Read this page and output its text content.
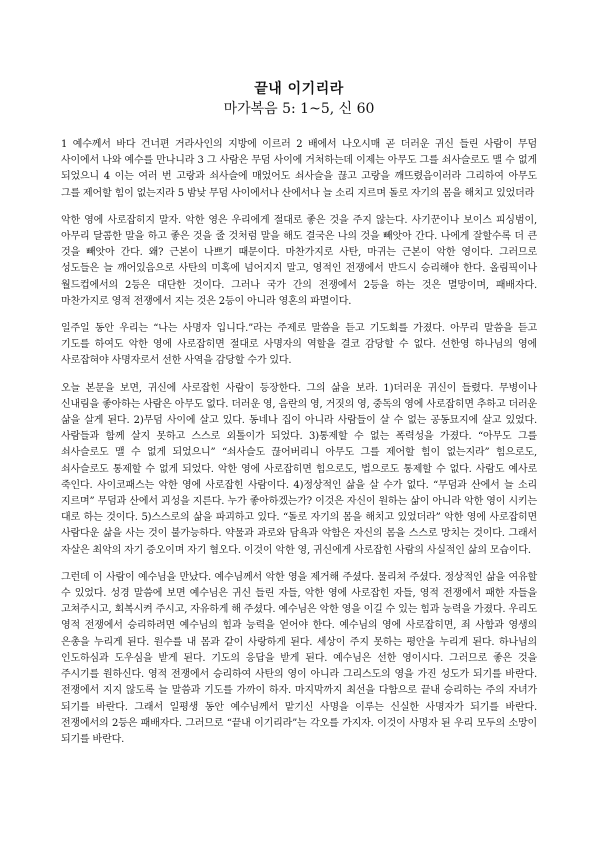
끝내 이기리라

마가복음 5: 1~5, 신 60

1 예수께서 바다 건너편 거라사인의 지방에 이르러 2 배에서 나오시매 곧 더러운 귀신 들린 사람이 무덤 사이에서 나와 예수를 만나니라 3 그 사람은 무덤 사이에 거처하는데 이제는 아무도 그를 쇠사슬로도 맬 수 없게 되었으니 4 이는 여러 번 고랑과 쇠사슬에 매었어도 쇠사슬을 끊고 고랑을 깨뜨렸음이러라 그리하여 아무도 그를 제어할 힘이 없는지라 5 밤낮 무덤 사이에서나 산에서나 늘 소리 지르며 돌로 자기의 몸을 해치고 있었더라

악한 영에 사로잡히지 말자. 악한 영은 우리에게 절대로 좋은 것을 주지 않는다. 사기꾼이나 보이스 피싱범이, 아무리 달콤한 말을 하고 좋은 것을 줄 것처럼 말을 해도 결국은 나의 것을 빼앗아 간다. 나에게 잘할수록 더 큰 것을 빼앗아 간다. 왜? 근본이 나쁘기 때문이다. 마찬가지로 사탄, 마귀는 근본이 악한 영이다. 그러므로 성도들은 늘 깨어있음으로 사탄의 미혹에 넘어지지 말고, 영적인 전쟁에서 반드시 승리해야 한다. 올림픽이나 월드컵에서의 2등은 대단한 것이다. 그러나 국가 간의 전쟁에서 2등을 하는 것은 멸망이며, 패배자다. 마찬가지로 영적 전쟁에서 지는 것은 2등이 아니라 영혼의 파멸이다.

일주일 동안 우리는 “나는 사명자 입니다.”라는 주제로 말씀을 듣고 기도회를 가졌다. 아무리 말씀을 듣고 기도를 하여도 악한 영에 사로잡히면 절대로 사명자의 역할을 결코 감당할 수 없다. 선한영 하나님의 영에 사로잡혀야 사명자로서 선한 사역을 감당할 수가 있다.

오늘 본문을 보면, 귀신에 사로잡힌 사람이 등장한다. 그의 삶을 보라. 1)더러운 귀신이 들렸다. 무병이나 신내림을 좋아하는 사람은 아무도 없다. 더러운 영, 음란의 영, 거짓의 영, 중독의 영에 사로잡히면 추하고 더러운 삶을 살게 된다. 2)무덤 사이에 살고 있다. 동네나 집이 아니라 사람들이 살 수 없는 공동묘지에 살고 있었다. 사람들과 함께 살지 못하고 스스로 외톨이가 되었다. 3)통제할 수 없는 폭력성을 가졌다. “아무도 그를 쇠사슬로도 맬 수 없게 되었으니” “쇠사슬도 끊어버리니 아무도 그를 제어할 힘이 없는지라” 힘으로도, 쇠사슬로도 통제할 수 없게 되었다. 악한 영에 사로잡히면 힘으로도, 법으로도 통제할 수 없다. 사람도 예사로 죽인다. 사이코패스는 악한 영에 사로잡힌 사람이다. 4)정상적인 삶을 살 수가 없다. “무덤과 산에서 늘 소리 지르며” 무덤과 산에서 괴성을 지른다. 누가 좋아하겠는가? 이것은 자신이 원하는 삶이 아니라 악한 영이 시키는 대로 하는 것이다. 5)스스로의 삶을 파괴하고 있다. “돌로 자기의 몸을 해치고 있었더라” 악한 영에 사로잡히면 사람다운 삶을 사는 것이 불가능하다. 약물과 과로와 담욕과 악함은 자신의 몸을 스스로 망치는 것이다. 그래서 자살은 최악의 자기 증오이며 자기 혐오다. 이것이 악한 영, 귀신에게 사로잡힌 사람의 사실적인 삶의 모습이다.

그런데 이 사람이 예수님을 만났다. 예수님께서 악한 영을 제거해 주셨다. 물리쳐 주셨다. 정상적인 삶을 여유할 수 있었다. 성경 말씀에 보면 예수님은 귀신 들린 자들, 악한 영에 사로잡힌 자들, 영적 전쟁에서 패한 자들을 고쳐주시고, 회복시켜 주시고, 자유하게 해 주셨다. 예수님은 악한 영을 이길 수 있는 힘과 능력을 가졌다. 우리도 영적 전쟁에서 승리하려면 예수님의 힘과 능력을 얻어야 한다. 예수님의 영에 사로잡히면, 죄 사함과 영생의 은총을 누리게 된다. 원수를 내 몸과 같이 사랑하게 된다. 세상이 주지 못하는 평안을 누리게 된다. 하나님의 인도하심과 도우심을 받게 된다. 기도의 응답을 받게 된다. 예수님은 선한 영이시다. 그러므로 좋은 것을 주시기를 원하신다. 영적 전쟁에서 승리하여 사탄의 영이 아니라 그리스도의 영을 가진 성도가 되기를 바란다. 전쟁에서 지지 않도록 늘 말씀과 기도를 가까이 하자. 마지막까지 최선을 다함으로 끝내 승리하는 주의 자녀가 되기를 바란다. 그래서 일평생 동안 예수님께서 맡기신 사명을 이루는 신실한 사명자가 되기를 바란다. 전쟁에서의 2등은 패배자다. 그러므로 “끝내 이기리라”는 각오를 가지자. 이것이 사명자 된 우리 모두의 소망이 되기를 바란다.
